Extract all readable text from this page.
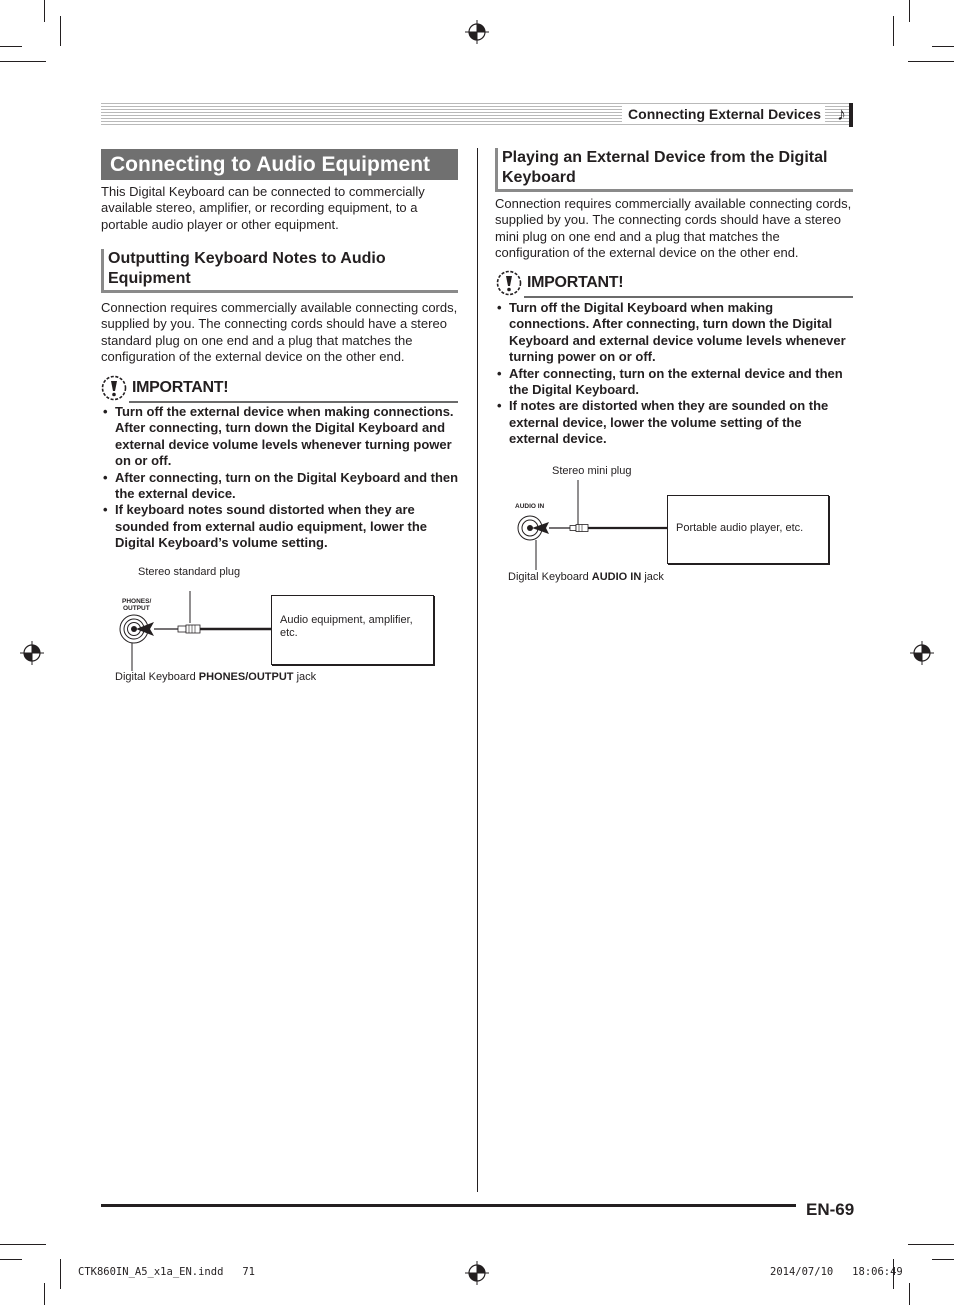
Connecting External Devices ♪
Connecting to Audio Equipment
This Digital Keyboard can be connected to commercially available stereo, amplifier, or recording equipment, to a portable audio player or other equipment.
Outputting Keyboard Notes to Audio Equipment
Connection requires commercially available connecting cords, supplied by you. The connecting cords should have a stereo standard plug on one end and a plug that matches the configuration of the external device on the other end.
IMPORTANT!
• Turn off the external device when making connections. After connecting, turn down the Digital Keyboard and external device volume levels whenever turning power on or off.
• After connecting, turn on the Digital Keyboard and then the external device.
• If keyboard notes sound distorted when they are sounded from external audio equipment, lower the Digital Keyboard’s volume setting.
Stereo standard plug
PHONES/
OUTPUT
Audio equipment, amplifier, etc.
Digital Keyboard PHONES/OUTPUT jack
Playing an External Device from the Digital Keyboard
Connection requires commercially available connecting cords, supplied by you. The connecting cords should have a stereo mini plug on one end and a plug that matches the configuration of the external device on the other end.
IMPORTANT!
• Turn off the Digital Keyboard when making connections. After connecting, turn down the Digital Keyboard and external device volume levels whenever turning power on or off.
• After connecting, turn on the external device and then the Digital Keyboard.
• If notes are distorted when they are sounded on the external device, lower the volume setting of the external device.
Stereo mini plug
AUDIO IN
Portable audio player, etc.
Digital Keyboard AUDIO IN jack
EN-69
CTK860IN_A5_x1a_EN.indd   71	2014/07/10   18:06:49
